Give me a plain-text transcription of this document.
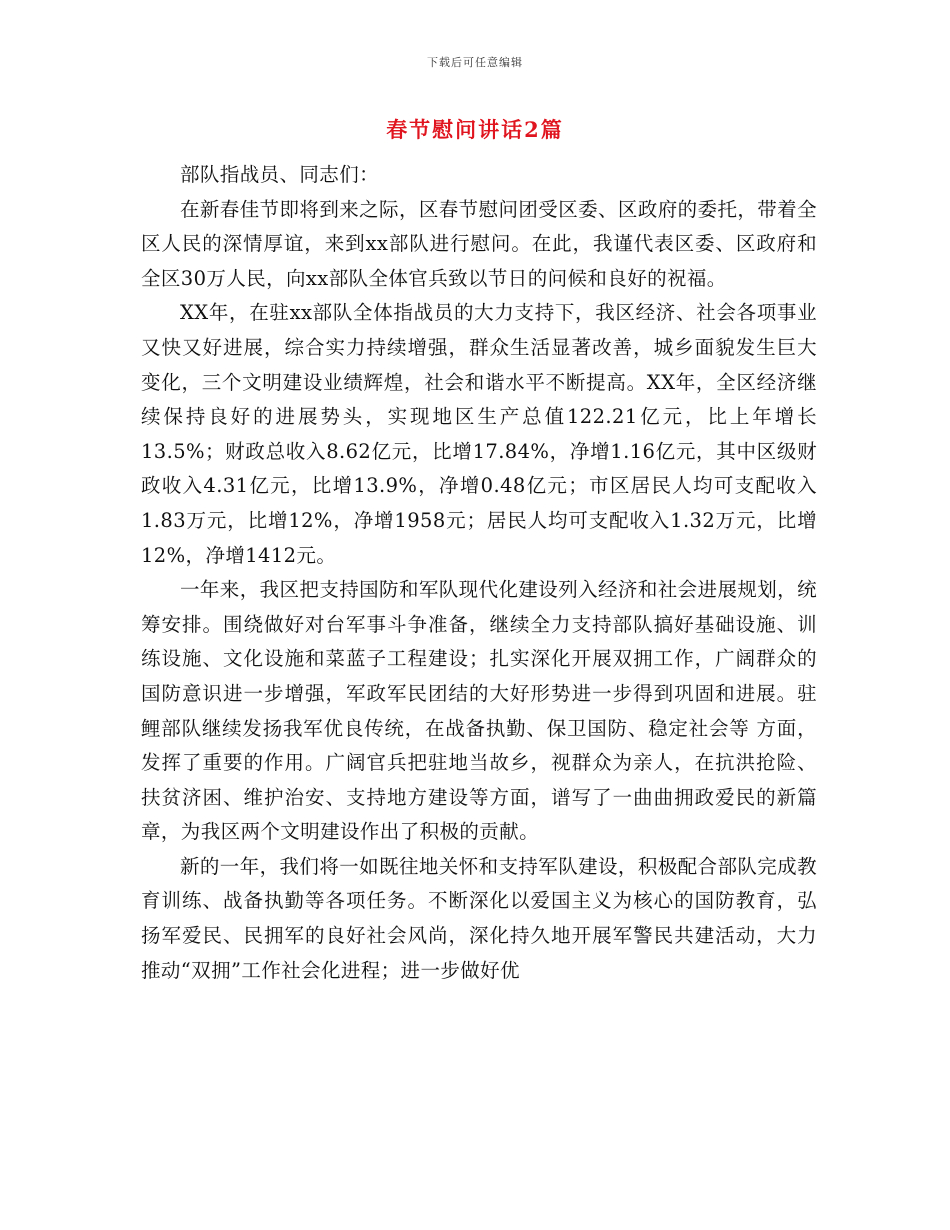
下载后可任意编辑
春节慰问讲话2篇

部队指战员、同志们：

在新春佳节即将到来之际，区春节慰问团受区委、区政府的委托，带着全区人民的深情厚谊，来到xx部队进行慰问。在此，我谨代表区委、区政府和全区30万人民，向xx部队全体官兵致以节日的问候和良好的祝福。

XX年，在驻xx部队全体指战员的大力支持下，我区经济、社会各项事业又快又好进展，综合实力持续增强，群众生活显著改善，城乡面貌发生巨大变化，三个文明建设业绩辉煌，社会和谐水平不断提高。XX年，全区经济继续保持良好的进展势头，实现地区生产总值122.21亿元，比上年增长13.5%；财政总收入8.62亿元，比增17.84%，净增1.16亿元，其中区级财政收入4.31亿元，比增13.9%，净增0.48亿元；市区居民人均可支配收入1.83万元，比增12%，净增1958元；居民人均可支配收入1.32万元，比增12%，净增1412元。

一年来，我区把支持国防和军队现代化建设列入经济和社会进展规划，统筹安排。围绕做好对台军事斗争准备，继续全力支持部队搞好基础设施、训练设施、文化设施和菜蓝子工程建设；扎实深化开展双拥工作，广阔群众的国防意识进一步增强，军政军民团结的大好形势进一步得到巩固和进展。驻鲤部队继续发扬我军优良传统，在战备执勤、保卫国防、稳定社会等 方面，发挥了重要的作用。广阔官兵把驻地当故乡，视群众为亲人，在抗洪抢险、扶贫济困、维护治安、支持地方建设等方面，谱写了一曲曲拥政爱民的新篇章，为我区两个文明建设作出了积极的贡献。

新的一年，我们将一如既往地关怀和支持军队建设，积极配合部队完成教育训练、战备执勤等各项任务。不断深化以爱国主义为核心的国防教育，弘扬军爱民、民拥军的良好社会风尚，深化持久地开展军警民共建活动，大力推动“双拥”工作社会化进程；进一步做好优
